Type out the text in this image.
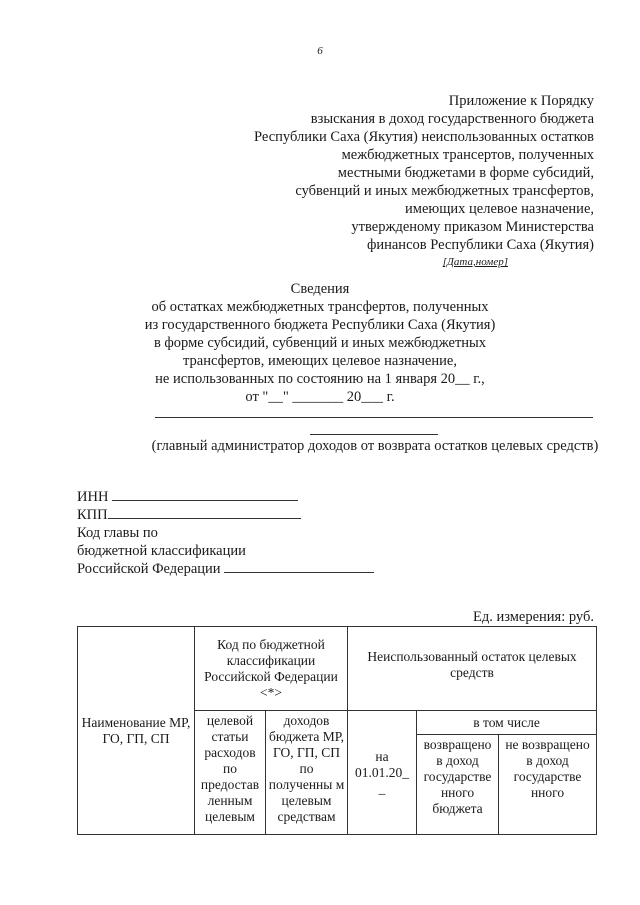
6
Приложение к Порядку
взыскания в доход государственного бюджета
Республики Саха (Якутия) неиспользованных остатков
межбюджетных трансертов, полученных
местными бюджетами в форме субсидий,
субвенций и иных межбюджетных трансфертов,
имеющих целевое назначение,
утвержденому приказом Министерства
финансов Республики Саха (Якутия)
[Дата,номер]
Сведения
об остатках межбюджетных трансфертов, полученных
из государственного бюджета Республики Саха (Якутия)
в форме субсидий, субвенций и иных межбюджетных
трансфертов, имеющих целевое назначение,
не использованных по состоянию на 1 января 20__ г.,
от "__" _______ 20___ г.
(главный администратор доходов от возврата остатков целевых средств)
ИНН
КПП
Код главы по
бюджетной классификации
Российской Федерации
Ед. измерения: руб.
Наименование МР, ГО, ГП, СП	Код по бюджетной классификации Российской Федерации <*>		Неиспользованный остаток целевых средств		
	целевой статьи расходов по предостав ленным целевым	доходов бюджета МР, ГО, ГП, СП по полученны м целевым средствам	на 01.01.20_ _	в том числе	
				возвращено в доход государстве нного бюджета	не возвращено в доход государстве нного
